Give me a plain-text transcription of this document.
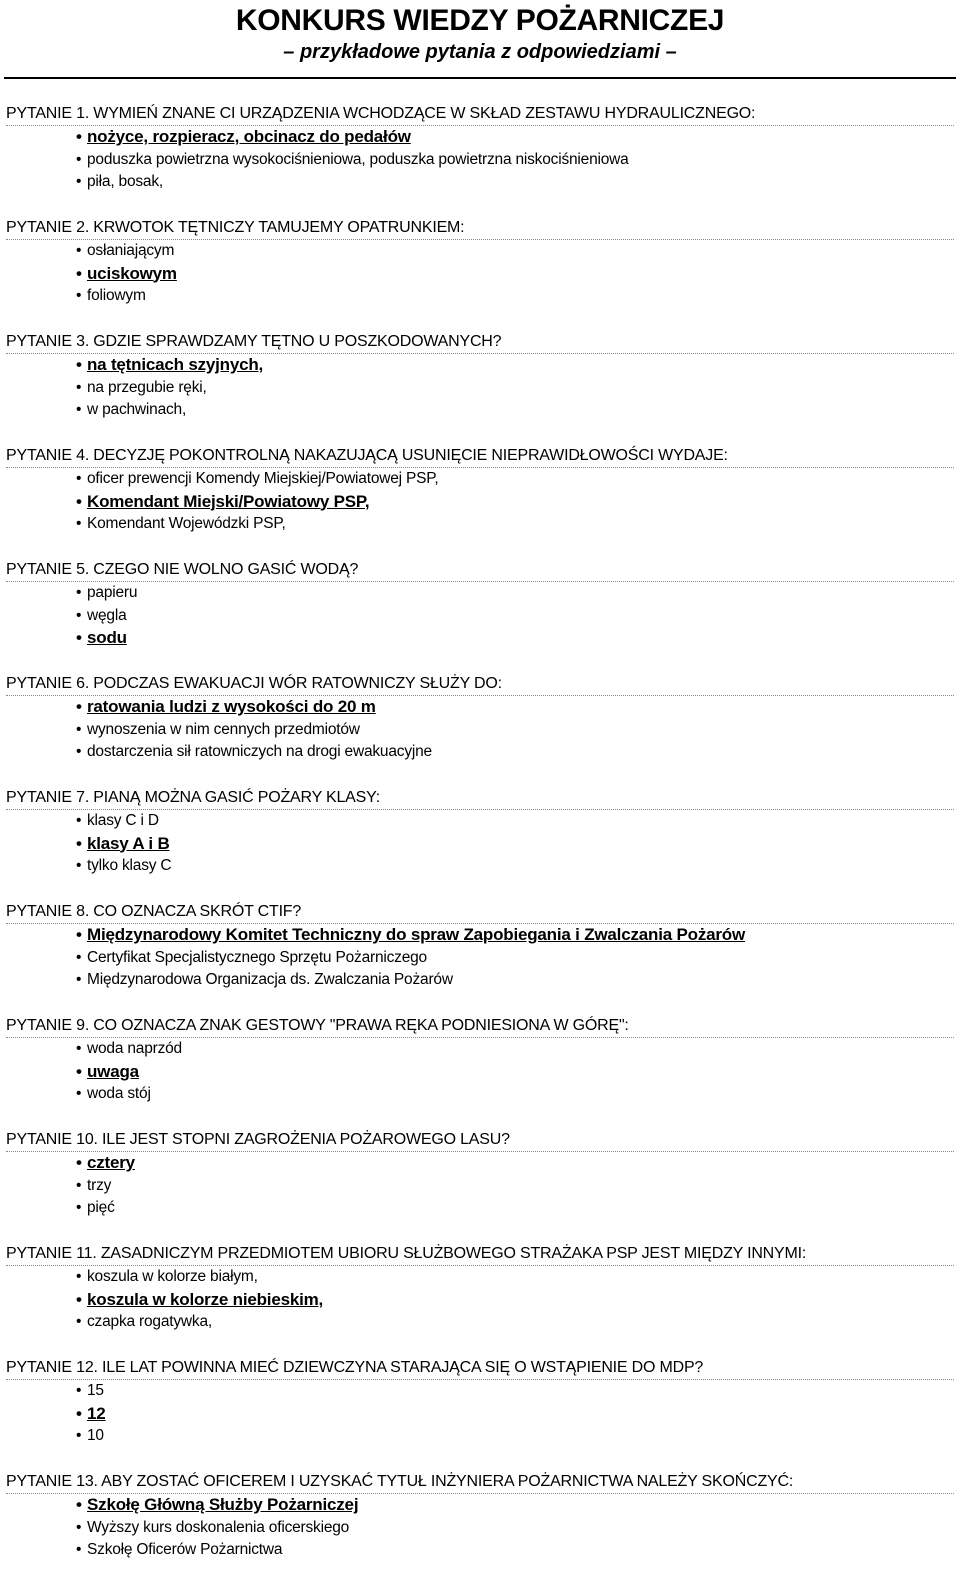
KONKURS WIEDZY POŻARNICZEJ
– przykładowe pytania z odpowiedziami –
PYTANIE 1. WYMIEŃ ZNANE CI URZĄDZENIA WCHODZĄCE W SKŁAD ZESTAWU HYDRAULICZNEGO:
• nożyce, rozpieracz, obcinacz do pedałów
• poduszka powietrzna wysokociśnieniowa, poduszka powietrzna niskociśnieniowa
• piła, bosak,
PYTANIE 2. KRWOTOK TĘTNICZY TAMUJEMY OPATRUNKIEM:
• osłaniającym
• uciskowym
• foliowym
PYTANIE 3. GDZIE SPRAWDZAMY TĘTNO U POSZKODOWANYCH?
• na tętnicach szyjnych,
• na przegubie ręki,
• w pachwinach,
PYTANIE 4. DECYZJĘ POKONTROLNĄ NAKAZUJĄCĄ USUNIĘCIE NIEPRAWIDŁOWOŚCI WYDAJE:
• oficer prewencji Komendy Miejskiej/Powiatowej PSP,
• Komendant Miejski/Powiatowy PSP,
• Komendant Wojewódzki PSP,
PYTANIE 5. CZEGO NIE WOLNO GASIĆ WODĄ?
• papieru
• węgla
• sodu
PYTANIE 6. PODCZAS EWAKUACJI WÓR RATOWNICZY SŁUŻY DO:
• ratowania ludzi z wysokości do 20 m
• wynoszenia w nim cennych przedmiotów
• dostarczenia sił ratowniczych na drogi ewakuacyjne
PYTANIE 7. PIANĄ MOŻNA GASIĆ POŻARY KLASY:
• klasy C i D
• klasy A i B
• tylko klasy C
PYTANIE 8. CO OZNACZA SKRÓT CTIF?
• Międzynarodowy Komitet Techniczny do spraw Zapobiegania i Zwalczania Pożarów
• Certyfikat Specjalistycznego Sprzętu Pożarniczego
• Międzynarodowa Organizacja ds. Zwalczania Pożarów
PYTANIE 9. CO OZNACZA ZNAK GESTOWY "PRAWA RĘKA PODNIESIONA W GÓRĘ":
• woda naprzód
• uwaga
• woda stój
PYTANIE 10. ILE JEST STOPNI ZAGROŻENIA POŻAROWEGO LASU?
• cztery
• trzy
• pięć
PYTANIE 11. ZASADNICZYM PRZEDMIOTEM UBIORU SŁUŻBOWEGO STRAŻAKA PSP JEST MIĘDZY INNYMI:
• koszula w kolorze białym,
• koszula w kolorze niebieskim,
• czapka rogatywka,
PYTANIE 12. ILE LAT POWINNA MIEĆ DZIEWCZYNA STARAJĄCA SIĘ O WSTĄPIENIE DO MDP?
• 15
• 12
• 10
PYTANIE 13. ABY ZOSTAĆ OFICEREM I UZYSKAĆ TYTUŁ INŻYNIERA POŻARNICTWA NALEŻY SKOŃCZYĆ:
• Szkołę Główną Służby Pożarniczej
• Wyższy kurs doskonalenia oficerskiego
• Szkołę Oficerów Pożarnictwa
